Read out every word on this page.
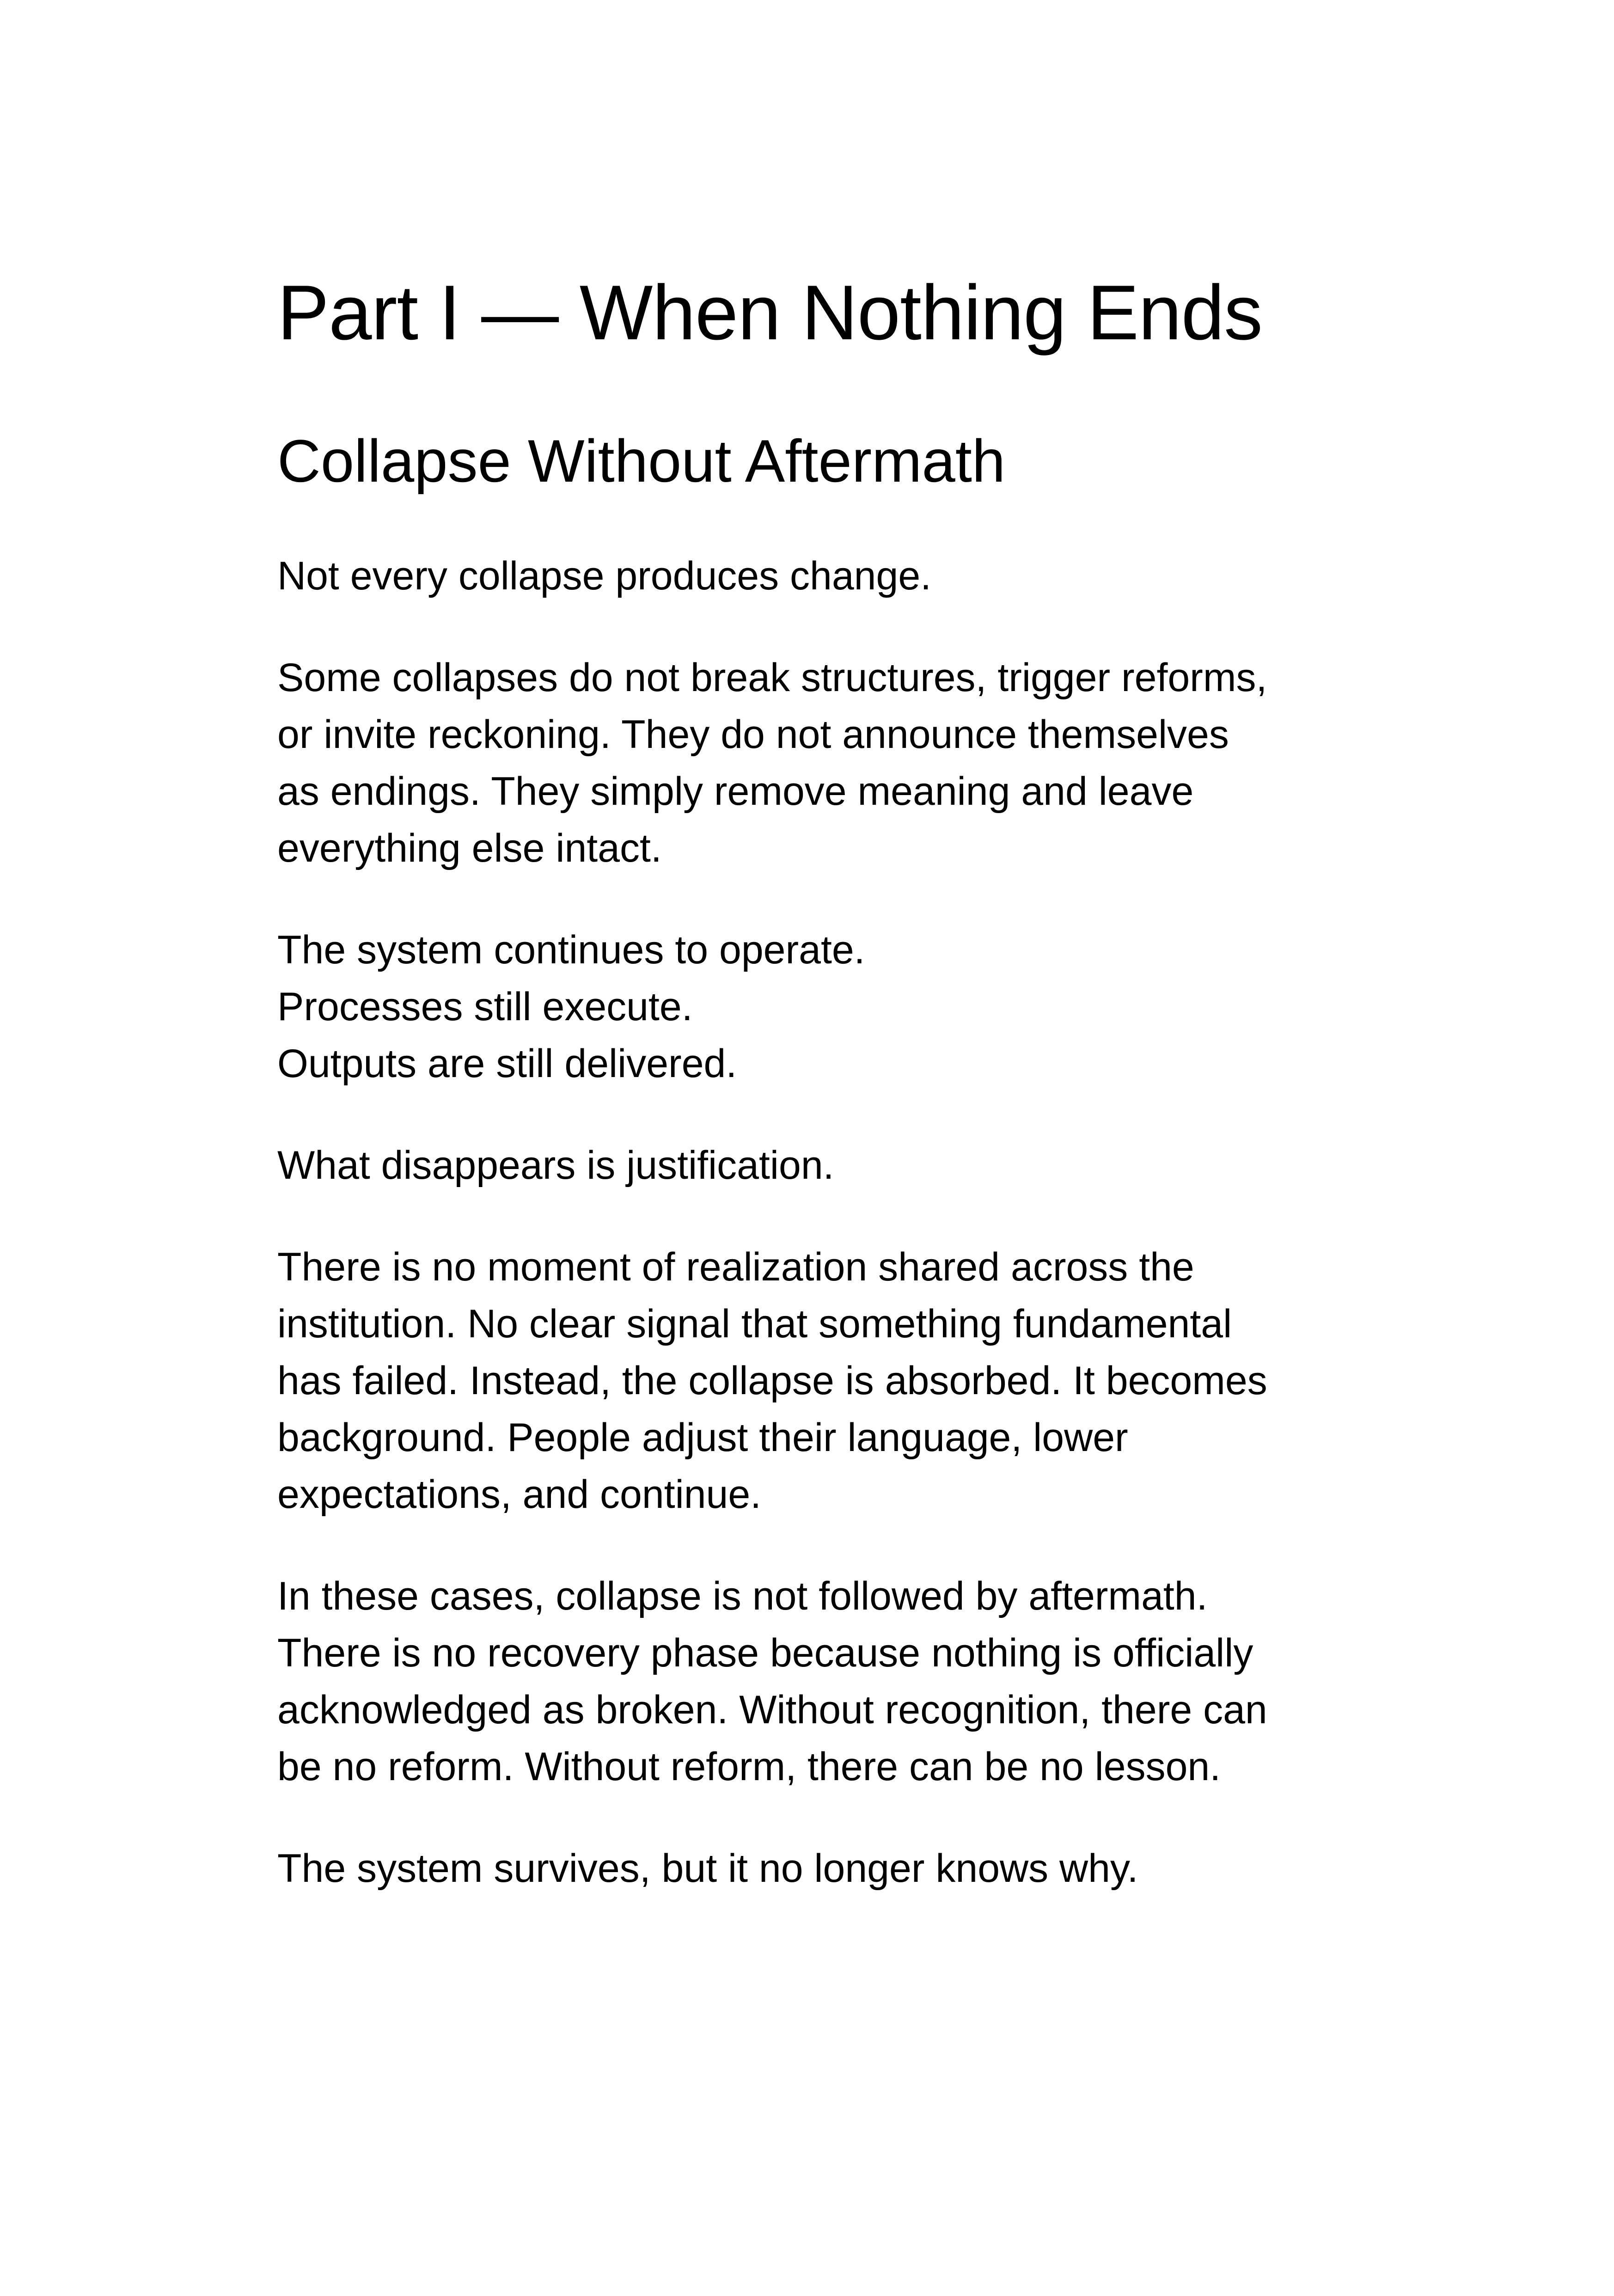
Part I — When Nothing Ends
Collapse Without Aftermath

Not every collapse produces change.

Some collapses do not break structures, trigger reforms,
or invite reckoning. They do not announce themselves
as endings. They simply remove meaning and leave
everything else intact.

The system continues to operate.
Processes still execute.
Outputs are still delivered.

What disappears is justification.

There is no moment of realization shared across the
institution. No clear signal that something fundamental
has failed. Instead, the collapse is absorbed. It becomes
background. People adjust their language, lower
expectations, and continue.

In these cases, collapse is not followed by aftermath.
There is no recovery phase because nothing is officially
acknowledged as broken. Without recognition, there can
be no reform. Without reform, there can be no lesson.

The system survives, but it no longer knows why.
